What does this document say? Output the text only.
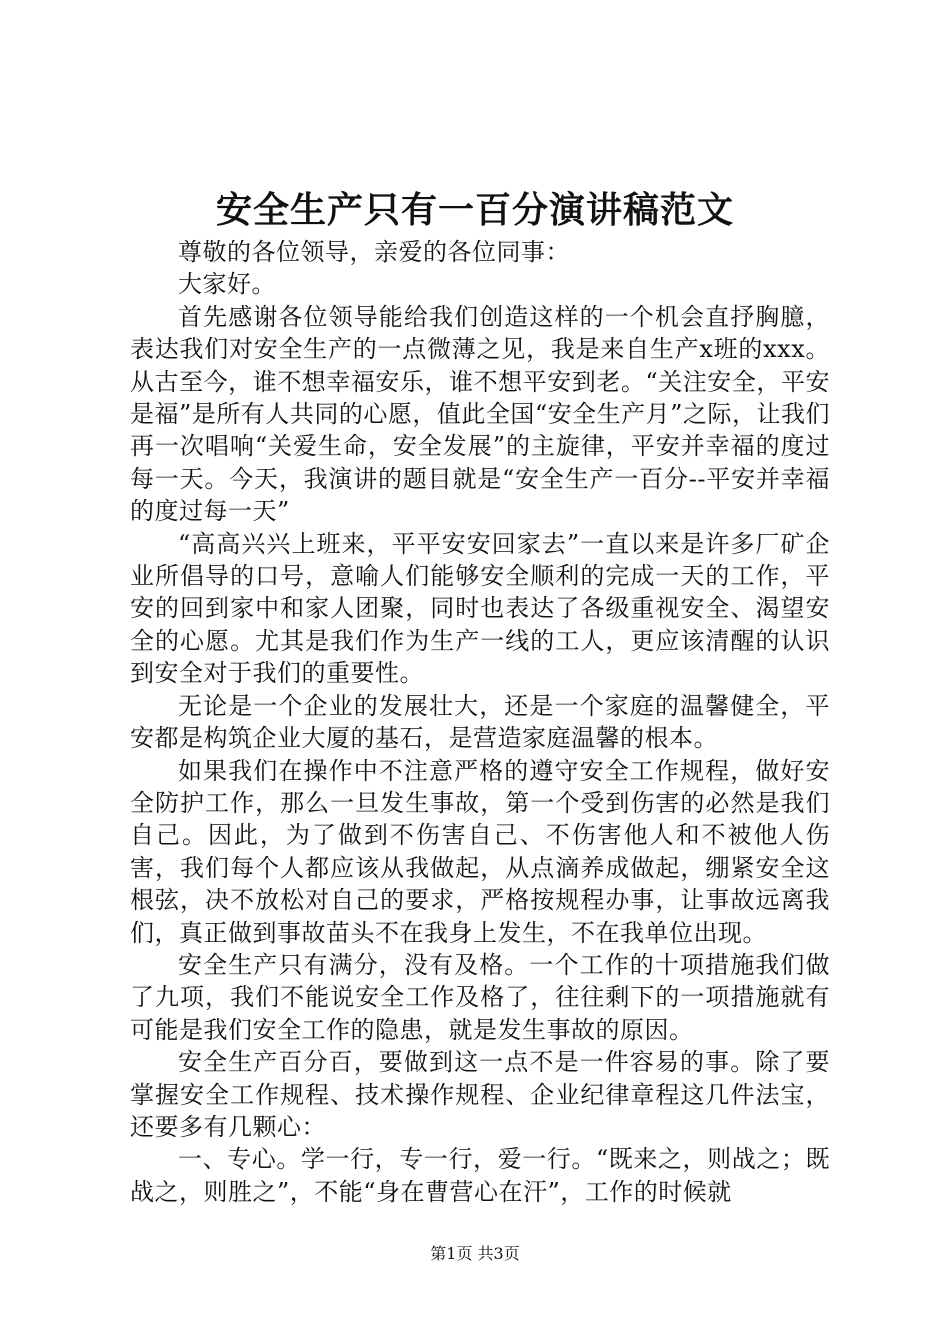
安全生产只有一百分演讲稿范文

尊敬的各位领导，亲爱的各位同事：

大家好。

首先感谢各位领导能给我们创造这样的一个机会直抒胸臆，表达我们对安全生产的一点微薄之见，我是来自生产x班的xxx。从古至今，谁不想幸福安乐，谁不想平安到老。“关注安全，平安是福”是所有人共同的心愿，值此全国“安全生产月”之际，让我们再一次唱响“关爱生命，安全发展”的主旋律，平安并幸福的度过每一天。今天，我演讲的题目就是“安全生产一百分--平安并幸福的度过每一天”

“高高兴兴上班来，平平安安回家去”一直以来是许多厂矿企业所倡导的口号，意喻人们能够安全顺利的完成一天的工作，平安的回到家中和家人团聚，同时也表达了各级重视安全、渴望安全的心愿。尤其是我们作为生产一线的工人，更应该清醒的认识到安全对于我们的重要性。

无论是一个企业的发展壮大，还是一个家庭的温馨健全，平安都是构筑企业大厦的基石，是营造家庭温馨的根本。

如果我们在操作中不注意严格的遵守安全工作规程，做好安全防护工作，那么一旦发生事故，第一个受到伤害的必然是我们自己。因此，为了做到不伤害自己、不伤害他人和不被他人伤害，我们每个人都应该从我做起，从点滴养成做起，绷紧安全这根弦，决不放松对自己的要求，严格按规程办事，让事故远离我们，真正做到事故苗头不在我身上发生，不在我单位出现。

安全生产只有满分，没有及格。一个工作的十项措施我们做了九项，我们不能说安全工作及格了，往往剩下的一项措施就有可能是我们安全工作的隐患，就是发生事故的原因。

安全生产百分百，要做到这一点不是一件容易的事。除了要掌握安全工作规程、技术操作规程、企业纪律章程这几件法宝，还要多有几颗心：

一、专心。学一行，专一行，爱一行。“既来之，则战之；既战之，则胜之”，不能“身在曹营心在汗”，工作的时候就

第1页 共3页
